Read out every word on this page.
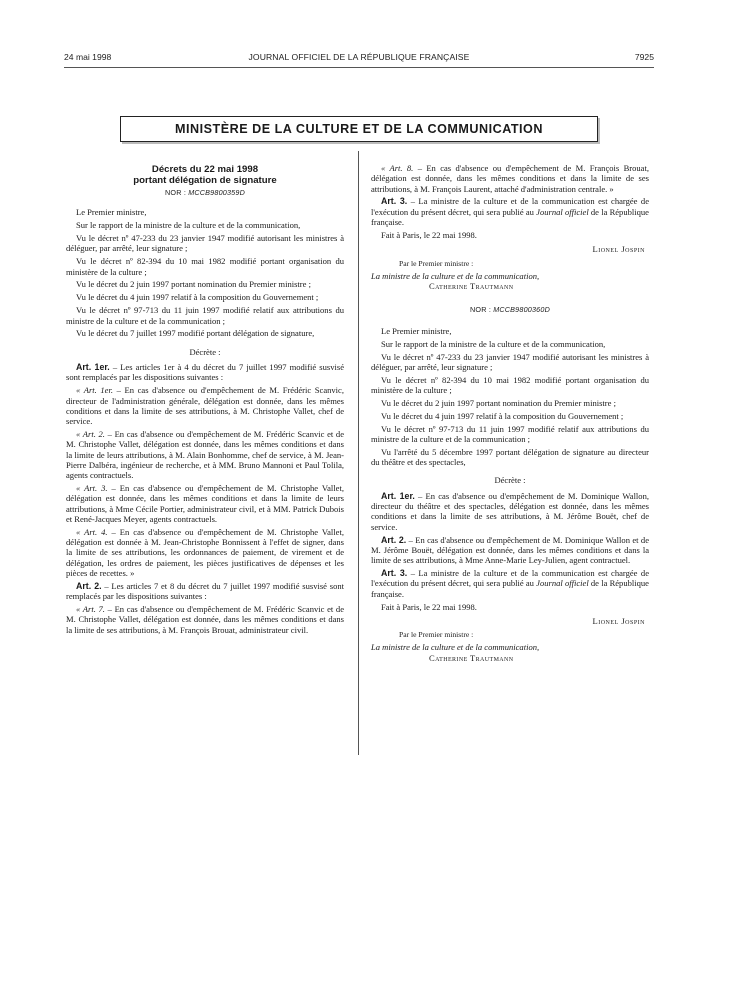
24 mai 1998	JOURNAL OFFICIEL DE LA RÉPUBLIQUE FRANÇAISE	7925
MINISTÈRE DE LA CULTURE ET DE LA COMMUNICATION
Décrets du 22 mai 1998
portant délégation de signature
NOR : MCCB9800359D

Le Premier ministre,

Sur le rapport de la ministre de la culture et de la communication,

Vu le décret nº 47-233 du 23 janvier 1947 modifié autorisant les ministres à déléguer, par arrêté, leur signature ;

Vu le décret nº 82-394 du 10 mai 1982 modifié portant organisation du ministère de la culture ;

Vu le décret du 2 juin 1997 portant nomination du Premier ministre ;

Vu le décret du 4 juin 1997 relatif à la composition du Gouvernement ;

Vu le décret nº 97-713 du 11 juin 1997 modifié relatif aux attributions du ministre de la culture et de la communication ;

Vu le décret du 7 juillet 1997 modifié portant délégation de signature,

Décrète :

Art. 1er. – Les articles 1er à 4 du décret du 7 juillet 1997 modifié susvisé sont remplacés par les dispositions suivantes :

« Art. 1er. – En cas d'absence ou d'empêchement de M. Frédéric Scanvic, directeur de l'administration générale, délégation est donnée, dans les mêmes conditions et dans la limite de ses attributions, à M. Christophe Vallet, chef de service.

« Art. 2. – En cas d'absence ou d'empêchement de M. Frédéric Scanvic et de M. Christophe Vallet, délégation est donnée, dans les mêmes conditions et dans la limite de leurs attributions, à M. Alain Bonhomme, chef de service, à M. Jean-Pierre Dalbéra, ingénieur de recherche, et à MM. Bruno Mannoni et Paul Tolila, agents contractuels.

« Art. 3. – En cas d'absence ou d'empêchement de M. Christophe Vallet, délégation est donnée, dans les mêmes conditions et dans la limite de leurs attributions, à Mme Cécile Portier, administrateur civil, et à MM. Patrick Dubois et René-Jacques Meyer, agents contractuels.

« Art. 4. – En cas d'absence ou d'empêchement de M. Christophe Vallet, délégation est donnée à M. Jean-Christophe Bonnissent à l'effet de signer, dans la limite de ses attributions, les ordonnances de paiement, de virement et de délégation, les ordres de paiement, les pièces justificatives de dépenses et les pièces de recettes. »

Art. 2. – Les articles 7 et 8 du décret du 7 juillet 1997 modifié susvisé sont remplacés par les dispositions suivantes :

« Art. 7. – En cas d'absence ou d'empêchement de M. Frédéric Scanvic et de M. Christophe Vallet, délégation est donnée, dans les mêmes conditions et dans la limite de ses attributions, à M. François Brouat, administrateur civil.

« Art. 8. – En cas d'absence ou d'empêchement de M. François Brouat, délégation est donnée, dans les mêmes conditions et dans la limite de ses attributions, à M. François Laurent, attaché d'administration centrale. »

Art. 3. – La ministre de la culture et de la communication est chargée de l'exécution du présent décret, qui sera publié au Journal officiel de la République française.

Fait à Paris, le 22 mai 1998.

Lionel Jospin
Par le Premier ministre :
La ministre de la culture et de la communication,
Catherine Trautmann
NOR : MCCB9800360D

Le Premier ministre,

Sur le rapport de la ministre de la culture et de la communication,

Vu le décret nº 47-233 du 23 janvier 1947 modifié autorisant les ministres à déléguer, par arrêté, leur signature ;

Vu le décret nº 82-394 du 10 mai 1982 modifié portant organisation du ministère de la culture ;

Vu le décret du 2 juin 1997 portant nomination du Premier ministre ;

Vu le décret du 4 juin 1997 relatif à la composition du Gouvernement ;

Vu le décret nº 97-713 du 11 juin 1997 modifié relatif aux attributions du ministre de la culture et de la communication ;

Vu l'arrêté du 5 décembre 1997 portant délégation de signature au directeur du théâtre et des spectacles,

Décrète :

Art. 1er. – En cas d'absence ou d'empêchement de M. Dominique Wallon, directeur du théâtre et des spectacles, délégation est donnée, dans les mêmes conditions et dans la limite de ses attributions, à M. Jérôme Bouët, chef de service.

Art. 2. – En cas d'absence ou d'empêchement de M. Dominique Wallon et de M. Jérôme Bouët, délégation est donnée, dans les mêmes conditions et dans la limite de ses attributions, à Mme Anne-Marie Ley-Julien, agent contractuel.

Art. 3. – La ministre de la culture et de la communication est chargée de l'exécution du présent décret, qui sera publié au Journal officiel de la République française.

Fait à Paris, le 22 mai 1998.

Lionel Jospin
Par le Premier ministre :
La ministre de la culture et de la communication,
Catherine Trautmann
